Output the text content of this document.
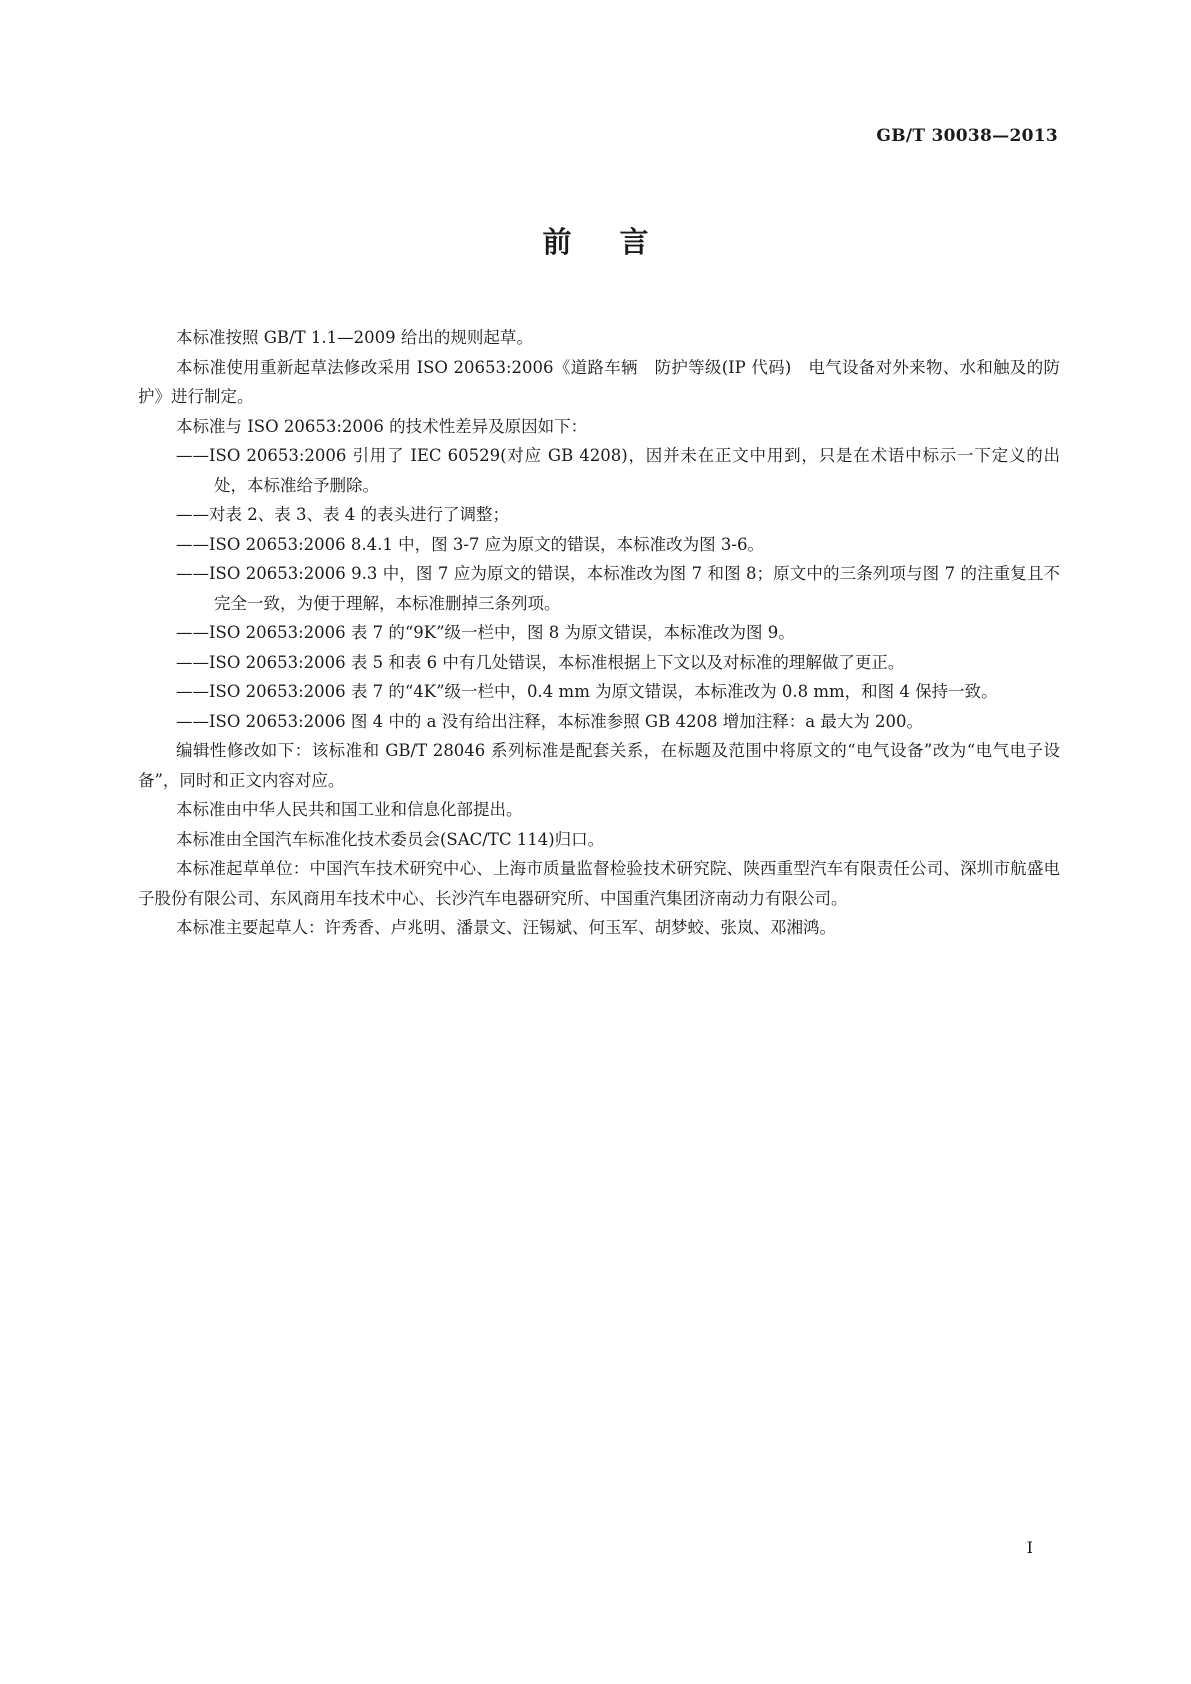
GB/T 30038—2013
前言

本标准按照 GB/T 1.1—2009 给出的规则起草。

本标准使用重新起草法修改采用 ISO 20653:2006《道路车辆　防护等级(IP 代码)　电气设备对外来物、水和触及的防护》进行制定。

本标准与 ISO 20653:2006 的技术性差异及原因如下：

——ISO 20653:2006 引用了 IEC 60529(对应 GB 4208)，因并未在正文中用到，只是在术语中标示一下定义的出处，本标准给予删除。

——对表 2、表 3、表 4 的表头进行了调整；

——ISO 20653:2006 8.4.1 中，图 3-7 应为原文的错误，本标准改为图 3-6。

——ISO 20653:2006 9.3 中，图 7 应为原文的错误，本标准改为图 7 和图 8；原文中的三条列项与图 7 的注重复且不完全一致，为便于理解，本标准删掉三条列项。

——ISO 20653:2006 表 7 的“9K”级一栏中，图 8 为原文错误，本标准改为图 9。

——ISO 20653:2006 表 5 和表 6 中有几处错误，本标准根据上下文以及对标准的理解做了更正。

——ISO 20653:2006 表 7 的“4K”级一栏中，0.4 mm 为原文错误，本标准改为 0.8 mm，和图 4 保持一致。

——ISO 20653:2006 图 4 中的 a 没有给出注释，本标准参照 GB 4208 增加注释：a 最大为 200。

编辑性修改如下：该标准和 GB/T 28046 系列标准是配套关系，在标题及范围中将原文的“电气设备”改为“电气电子设备”，同时和正文内容对应。

本标准由中华人民共和国工业和信息化部提出。

本标准由全国汽车标准化技术委员会(SAC/TC 114)归口。

本标准起草单位：中国汽车技术研究中心、上海市质量监督检验技术研究院、陕西重型汽车有限责任公司、深圳市航盛电子股份有限公司、东风商用车技术中心、长沙汽车电器研究所、中国重汽集团济南动力有限公司。

本标准主要起草人：许秀香、卢兆明、潘景文、汪锡斌、何玉军、胡梦蛟、张岚、邓湘鸿。

I
